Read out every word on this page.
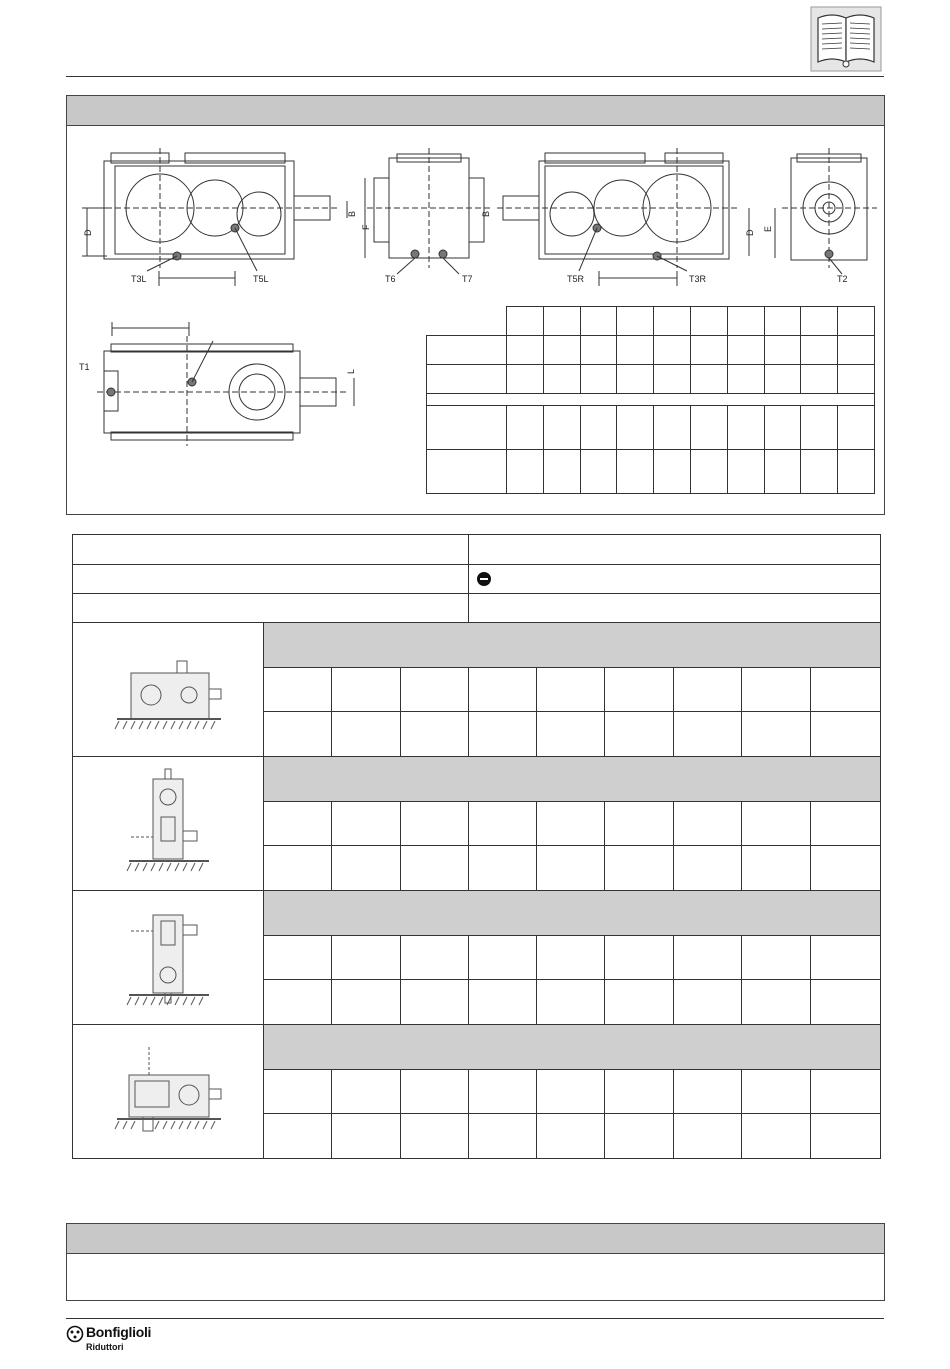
T3L	T5L	T6	T7	T5R	T3R	T2
T1
D
B
F
B
D
E
L

Bonfiglioli
Riduttori
